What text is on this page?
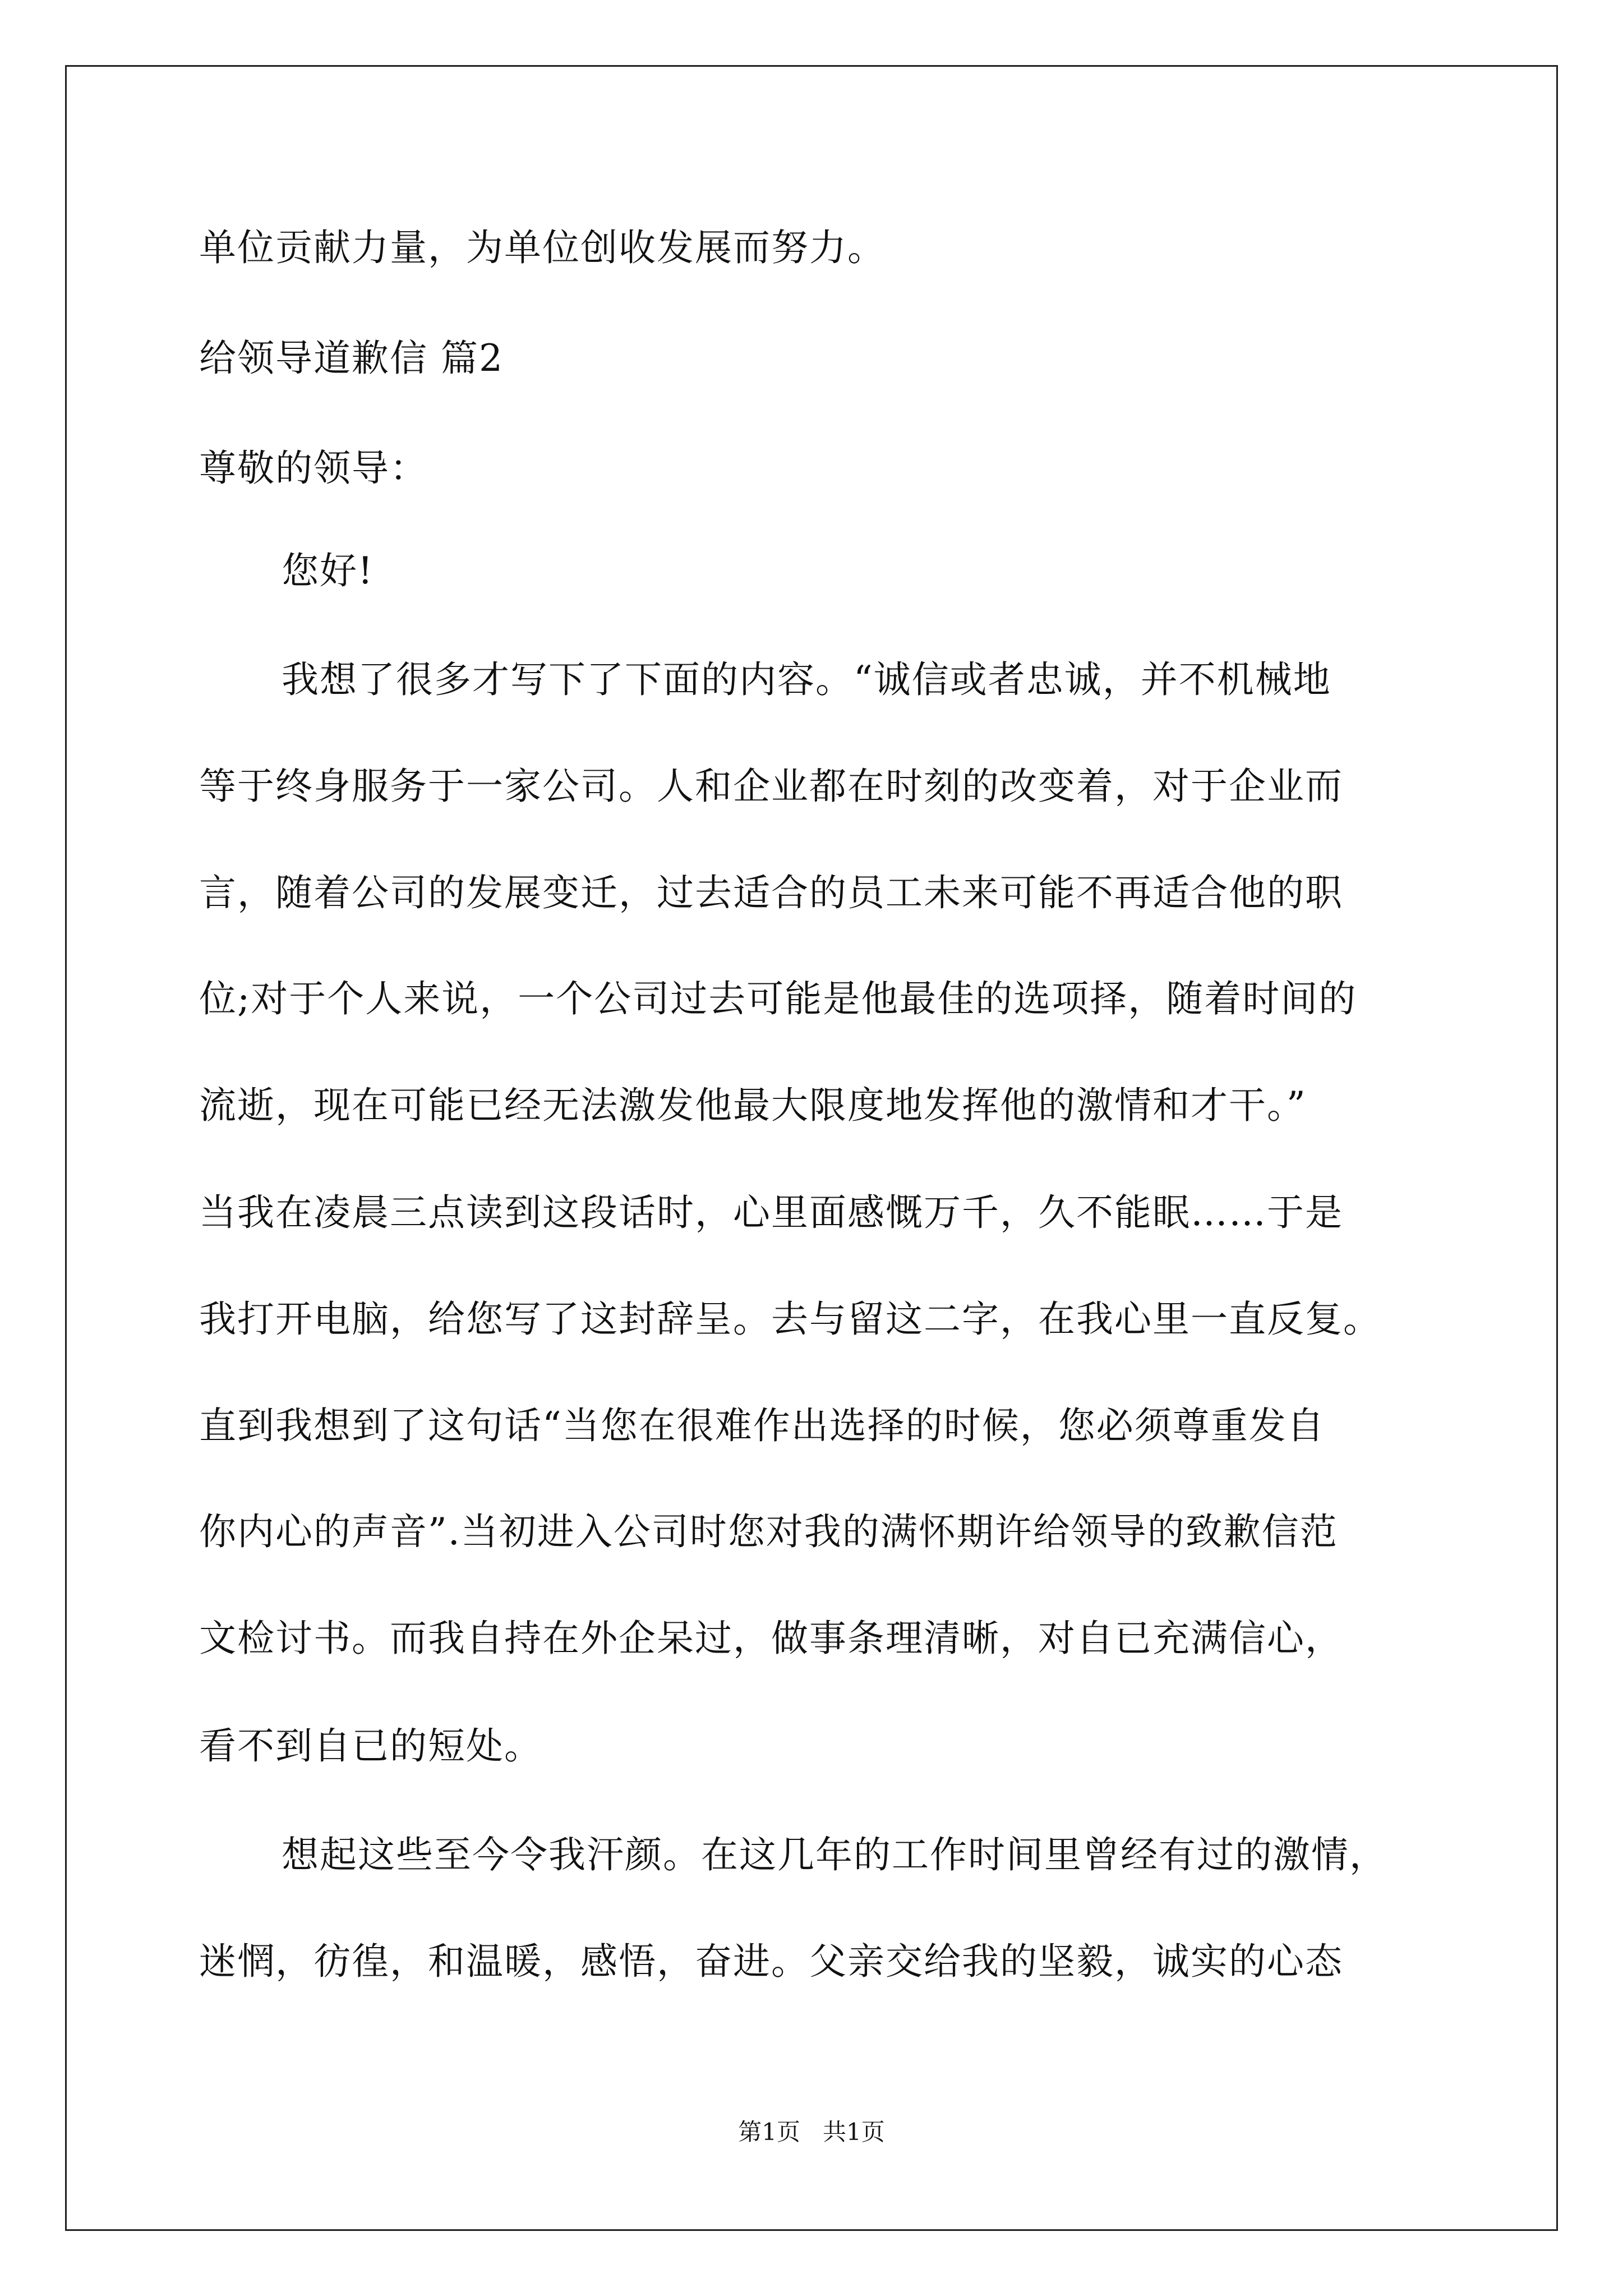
单位贡献力量，为单位创收发展而努力。
给领导道歉信 篇2
尊敬的领导：
您好!
我想了很多才写下了下面的内容。“诚信或者忠诚，并不机械地
等于终身服务于一家公司。人和企业都在时刻的改变着，对于企业而
言，随着公司的发展变迁，过去适合的员工未来可能不再适合他的职
位;对于个人来说，一个公司过去可能是他最佳的选项择，随着时间的
流逝，现在可能已经无法激发他最大限度地发挥他的激情和才干。”
当我在凌晨三点读到这段话时，心里面感慨万千，久不能眠……于是
我打开电脑，给您写了这封辞呈。去与留这二字，在我心里一直反复。
直到我想到了这句话“当您在很难作出选择的时候，您必须尊重发自
你内心的声音”.当初进入公司时您对我的满怀期许给领导的致歉信范
文检讨书。而我自持在外企呆过，做事条理清晰，对自已充满信心，
看不到自已的短处。
想起这些至今令我汗颜。在这几年的工作时间里曾经有过的激情，
迷惘，彷徨，和温暖，感悟，奋进。父亲交给我的坚毅，诚实的心态
第1页   共1页
